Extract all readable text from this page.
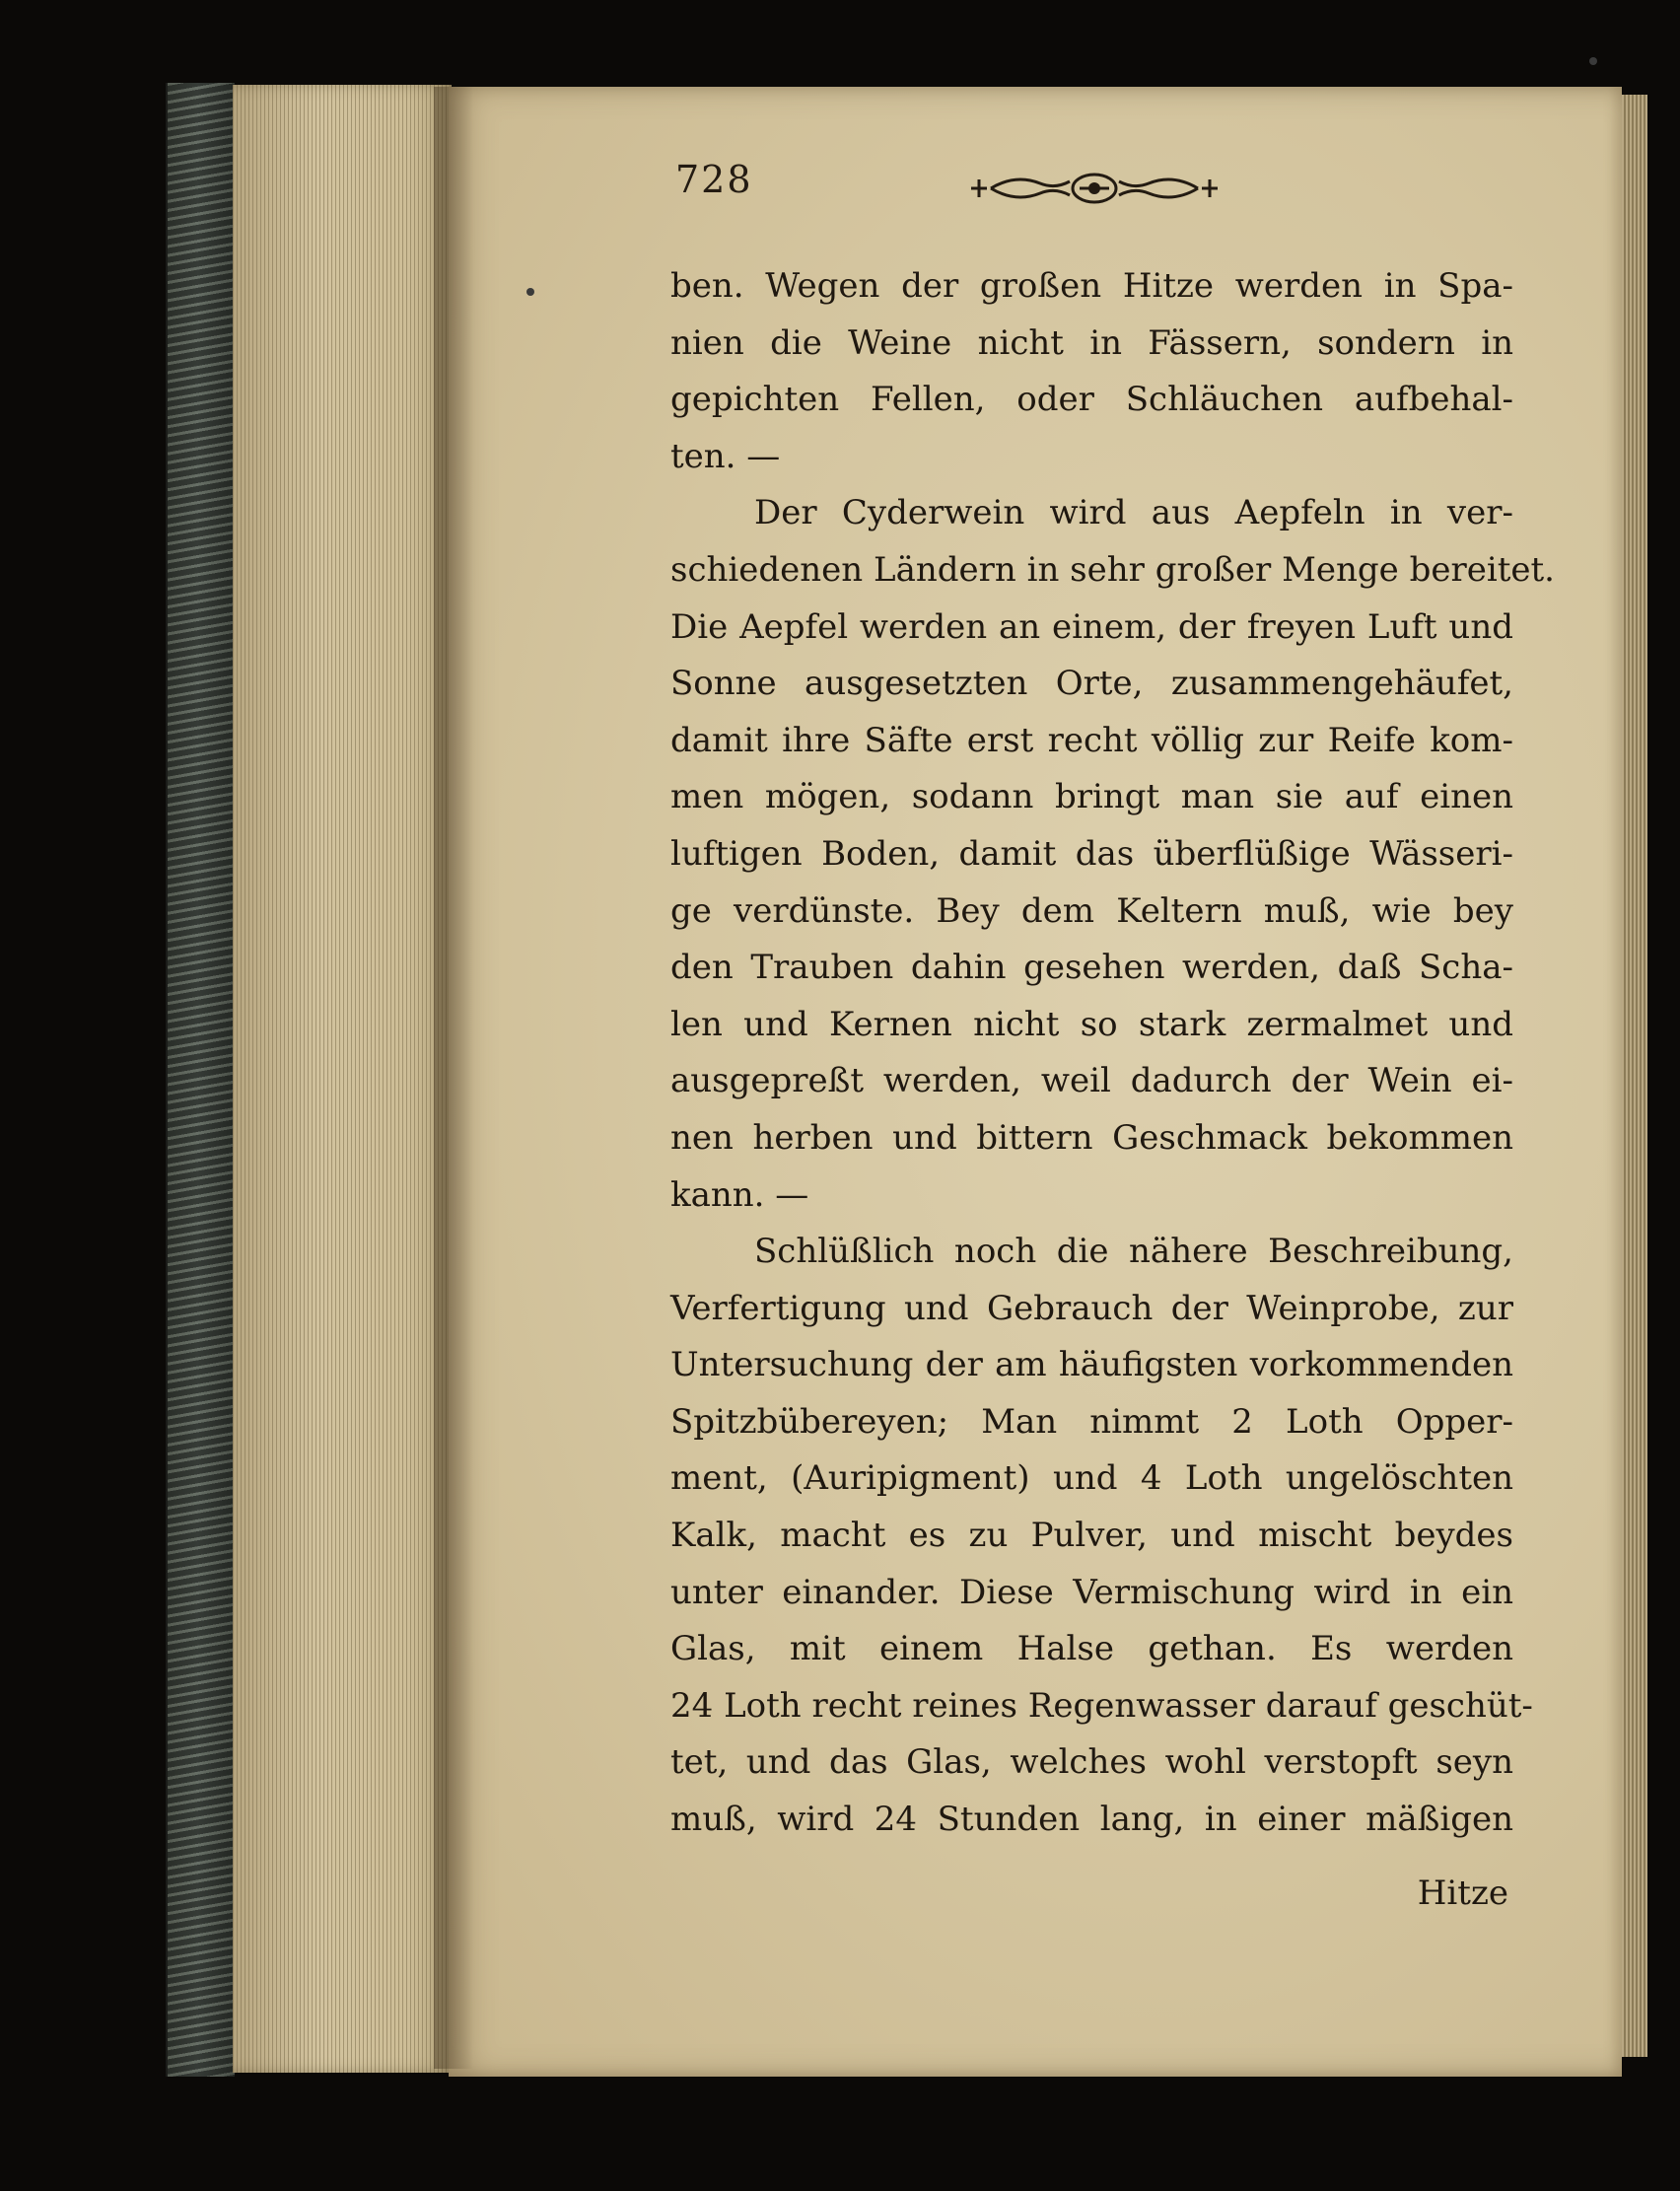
728
ben. Wegen der großen Hitze werden in Spa-
nien die Weine nicht in Fässern, sondern in
gepichten Fellen, oder Schläuchen aufbehal-
ten. —
Der Cyderwein wird aus Aepfeln in ver-
schiedenen Ländern in sehr großer Menge bereitet.
Die Aepfel werden an einem, der freyen Luft und
Sonne ausgesetzten Orte, zusammengehäufet,
damit ihre Säfte erst recht völlig zur Reife kom-
men mögen, sodann bringt man sie auf einen
luftigen Boden, damit das überflüßige Wässeri-
ge verdünste. Bey dem Keltern muß, wie bey
den Trauben dahin gesehen werden, daß Scha-
len und Kernen nicht so stark zermalmet und
ausgepreßt werden, weil dadurch der Wein ei-
nen herben und bittern Geschmack bekommen
kann. —
Schlüßlich noch die nähere Beschreibung,
Verfertigung und Gebrauch der Weinprobe, zur
Untersuchung der am häufigsten vorkommenden
Spitzbübereyen; Man nimmt 2 Loth Opper-
ment, (Auripigment) und 4 Loth ungelöschten
Kalk, macht es zu Pulver, und mischt beydes
unter einander. Diese Vermischung wird in ein
Glas, mit einem Halse gethan. Es werden
24 Loth recht reines Regenwasser darauf geschüt-
tet, und das Glas, welches wohl verstopft seyn
muß, wird 24 Stunden lang, in einer mäßigen
Hitze
